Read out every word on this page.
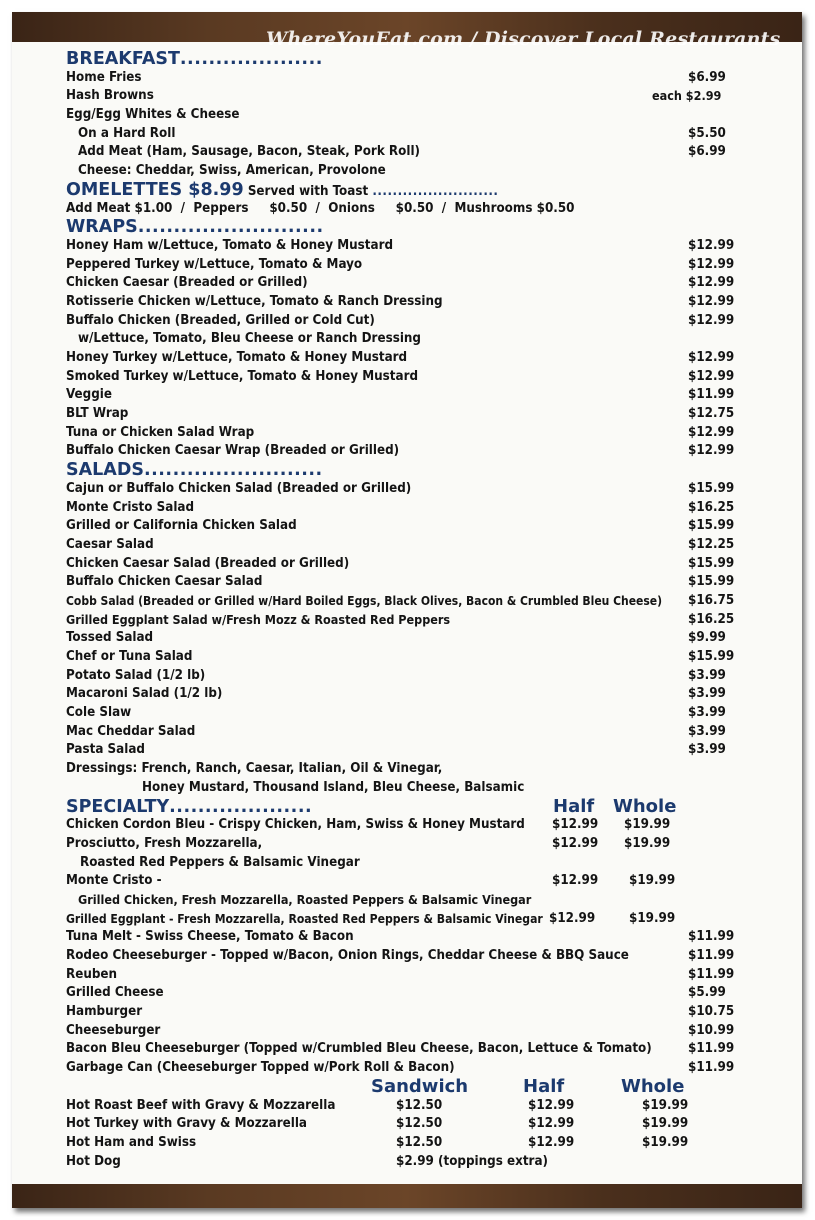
WhereYouEat.com / Discover Local Restaurants
BREAKFAST....................
Home Fries	$6.99
Hash Browns	each $2.99
Egg/Egg Whites & Cheese
On a Hard Roll	$5.50
Add Meat (Ham, Sausage, Bacon, Steak, Pork Roll)	$6.99
Cheese: Cheddar, Swiss, American, Provolone
OMELETTES $8.99 Served with Toast .........................
Add Meat $1.00  /  Peppers     $0.50  /  Onions     $0.50  /  Mushrooms $0.50
WRAPS..........................
Honey Ham w/Lettuce, Tomato & Honey Mustard	$12.99
Peppered Turkey w/Lettuce, Tomato & Mayo	$12.99
Chicken Caesar (Breaded or Grilled)	$12.99
Rotisserie Chicken w/Lettuce, Tomato & Ranch Dressing	$12.99
Buffalo Chicken (Breaded, Grilled or Cold Cut)	$12.99
w/Lettuce, Tomato, Bleu Cheese or Ranch Dressing
Honey Turkey w/Lettuce, Tomato & Honey Mustard	$12.99
Smoked Turkey w/Lettuce, Tomato & Honey Mustard	$12.99
Veggie	$11.99
BLT Wrap	$12.75
Tuna or Chicken Salad Wrap	$12.99
Buffalo Chicken Caesar Wrap (Breaded or Grilled)	$12.99
SALADS.........................
Cajun or Buffalo Chicken Salad (Breaded or Grilled)	$15.99
Monte Cristo Salad	$16.25
Grilled or California Chicken Salad	$15.99
Caesar Salad	$12.25
Chicken Caesar Salad (Breaded or Grilled)	$15.99
Buffalo Chicken Caesar Salad	$15.99
Cobb Salad (Breaded or Grilled w/Hard Boiled Eggs, Black Olives, Bacon & Crumbled Bleu Cheese) $16.75
Grilled Eggplant Salad w/Fresh Mozz & Roasted Red Peppers	$16.25
Tossed Salad	$9.99
Chef or Tuna Salad	$15.99
Potato Salad (1/2 lb)	$3.99
Macaroni Salad (1/2 lb)	$3.99
Cole Slaw	$3.99
Mac Cheddar Salad	$3.99
Pasta Salad	$3.99
Dressings: French, Ranch, Caesar, Italian, Oil & Vinegar,
Honey Mustard, Thousand Island, Bleu Cheese, Balsamic
SPECIALTY....................	Half Whole
Chicken Cordon Bleu - Crispy Chicken, Ham, Swiss & Honey Mustard $12.99 $19.99
Prosciutto, Fresh Mozzarella,	$12.99 $19.99
Roasted Red Peppers & Balsamic Vinegar
Monte Cristo -	$12.99 $19.99
Grilled Chicken, Fresh Mozzarella, Roasted Peppers & Balsamic Vinegar
Grilled Eggplant - Fresh Mozzarella, Roasted Red Peppers & Balsamic Vinegar $12.99	$19.99
Tuna Melt - Swiss Cheese, Tomato & Bacon	$11.99
Rodeo Cheeseburger - Topped w/Bacon, Onion Rings, Cheddar Cheese & BBQ Sauce	$11.99
Reuben	$11.99
Grilled Cheese	$5.99
Hamburger	$10.75
Cheeseburger	$10.99
Bacon Bleu Cheeseburger (Topped w/Crumbled Bleu Cheese, Bacon, Lettuce & Tomato)	$11.99
Garbage Can (Cheeseburger Topped w/Pork Roll & Bacon)	$11.99
Sandwich	Half	Whole
Hot Roast Beef with Gravy & Mozzarella	$12.50	$12.99	$19.99
Hot Turkey with Gravy & Mozzarella	$12.50	$12.99	$19.99
Hot Ham and Swiss	$12.50	$12.99	$19.99
Hot Dog	$2.99 (toppings extra)
